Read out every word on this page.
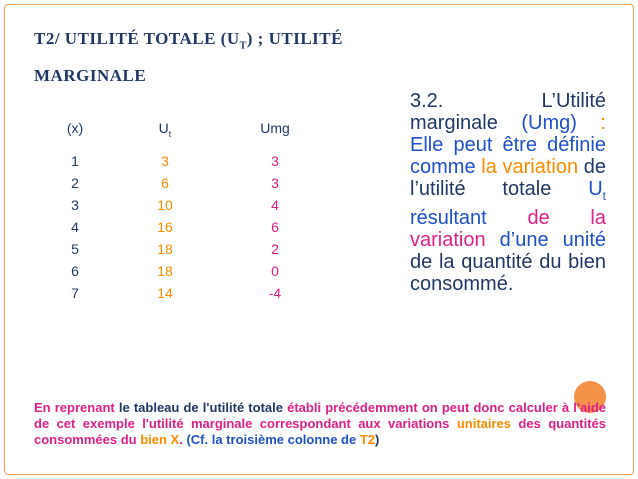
T2/ UTILITÉ TOTALE $(U_T)$ ; UTILITÉ
MARGINALE
(x)	$U_t$	Umg
1	3	3
2	6	3
3	10	4
4	16	6
5	18	2
6	18	0
7	14	-4
3.2. L’Utilité marginale (Umg) : Elle peut être définie comme la variation de l’utilité totale $U_t$ résultant de la variation d’une unité de la quantité du bien consommé.
En reprenant le tableau de l'utilité totale établi précédemment on peut donc calculer à l'aide de cet exemple l'utilité marginale correspondant aux variations unitaires des quantités consommées du bien X. (Cf. la troisième colonne de T2)
